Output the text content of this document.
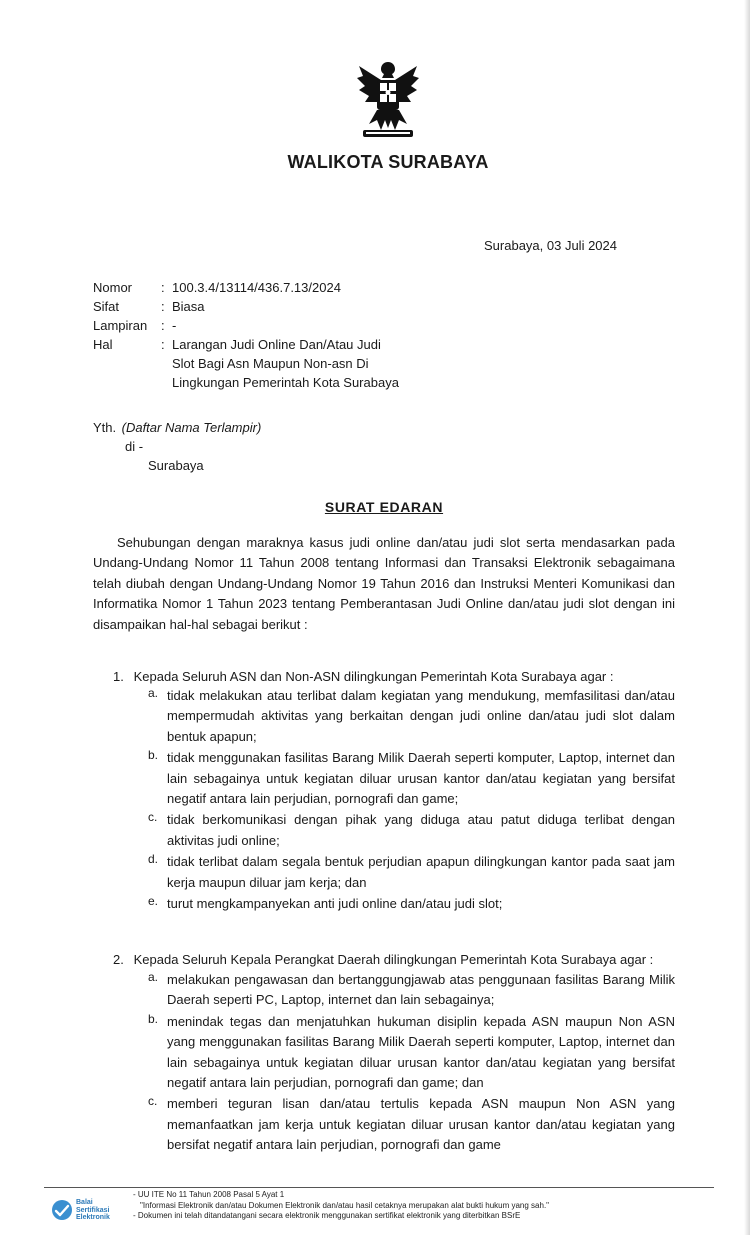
WALIKOTA SURABAYA
Surabaya, 03 Juli 2024
Nomor	: 100.3.4/13114/436.7.13/2024
Sifat	: Biasa
Lampiran	: -
Hal	: Larangan Judi Online Dan/Atau Judi Slot Bagi Asn Maupun Non-asn Di Lingkungan Pemerintah Kota Surabaya
Yth. (Daftar Nama Terlampir)
di -
Surabaya
SURAT EDARAN
Sehubungan dengan maraknya kasus judi online dan/atau judi slot serta mendasarkan pada Undang-Undang Nomor 11 Tahun 2008 tentang Informasi dan Transaksi Elektronik sebagaimana telah diubah dengan Undang-Undang Nomor 19 Tahun 2016 dan Instruksi Menteri Komunikasi dan Informatika Nomor 1 Tahun 2023 tentang Pemberantasan Judi Online dan/atau judi slot dengan ini disampaikan hal-hal sebagai berikut :
1. Kepada Seluruh ASN dan Non-ASN dilingkungan Pemerintah Kota Surabaya agar :
a. tidak melakukan atau terlibat dalam kegiatan yang mendukung, memfasilitasi dan/atau mempermudah aktivitas yang berkaitan dengan judi online dan/atau judi slot dalam bentuk apapun;
b. tidak menggunakan fasilitas Barang Milik Daerah seperti komputer, Laptop, internet dan lain sebagainya untuk kegiatan diluar urusan kantor dan/atau kegiatan yang bersifat negatif antara lain perjudian, pornografi dan game;
c. tidak berkomunikasi dengan pihak yang diduga atau patut diduga terlibat dengan aktivitas judi online;
d. tidak terlibat dalam segala bentuk perjudian apapun dilingkungan kantor pada saat jam kerja maupun diluar jam kerja; dan
e. turut mengkampanyekan anti judi online dan/atau judi slot;
2. Kepada Seluruh Kepala Perangkat Daerah dilingkungan Pemerintah Kota Surabaya agar :
a. melakukan pengawasan dan bertanggungjawab atas penggunaan fasilitas Barang Milik Daerah seperti PC, Laptop, internet dan lain sebagainya;
b. menindak tegas dan menjatuhkan hukuman disiplin kepada ASN maupun Non ASN yang menggunakan fasilitas Barang Milik Daerah seperti komputer, Laptop, internet dan lain sebagainya untuk kegiatan diluar urusan kantor dan/atau kegiatan yang bersifat negatif antara lain perjudian, pornografi dan game; dan
c. memberi teguran lisan dan/atau tertulis kepada ASN maupun Non ASN yang memanfaatkan jam kerja untuk kegiatan diluar urusan kantor dan/atau kegiatan yang bersifat negatif antara lain perjudian, pornografi dan game
Balai
Sertifikasi
Elektronik
- UU ITE No 11 Tahun 2008 Pasal 5 Ayat 1
"Informasi Elektronik dan/atau Dokumen Elektronik dan/atau hasil cetaknya merupakan alat bukti hukum yang sah."
- Dokumen ini telah ditandatangani secara elektronik menggunakan sertifikat elektronik yang diterbitkan BSrE
